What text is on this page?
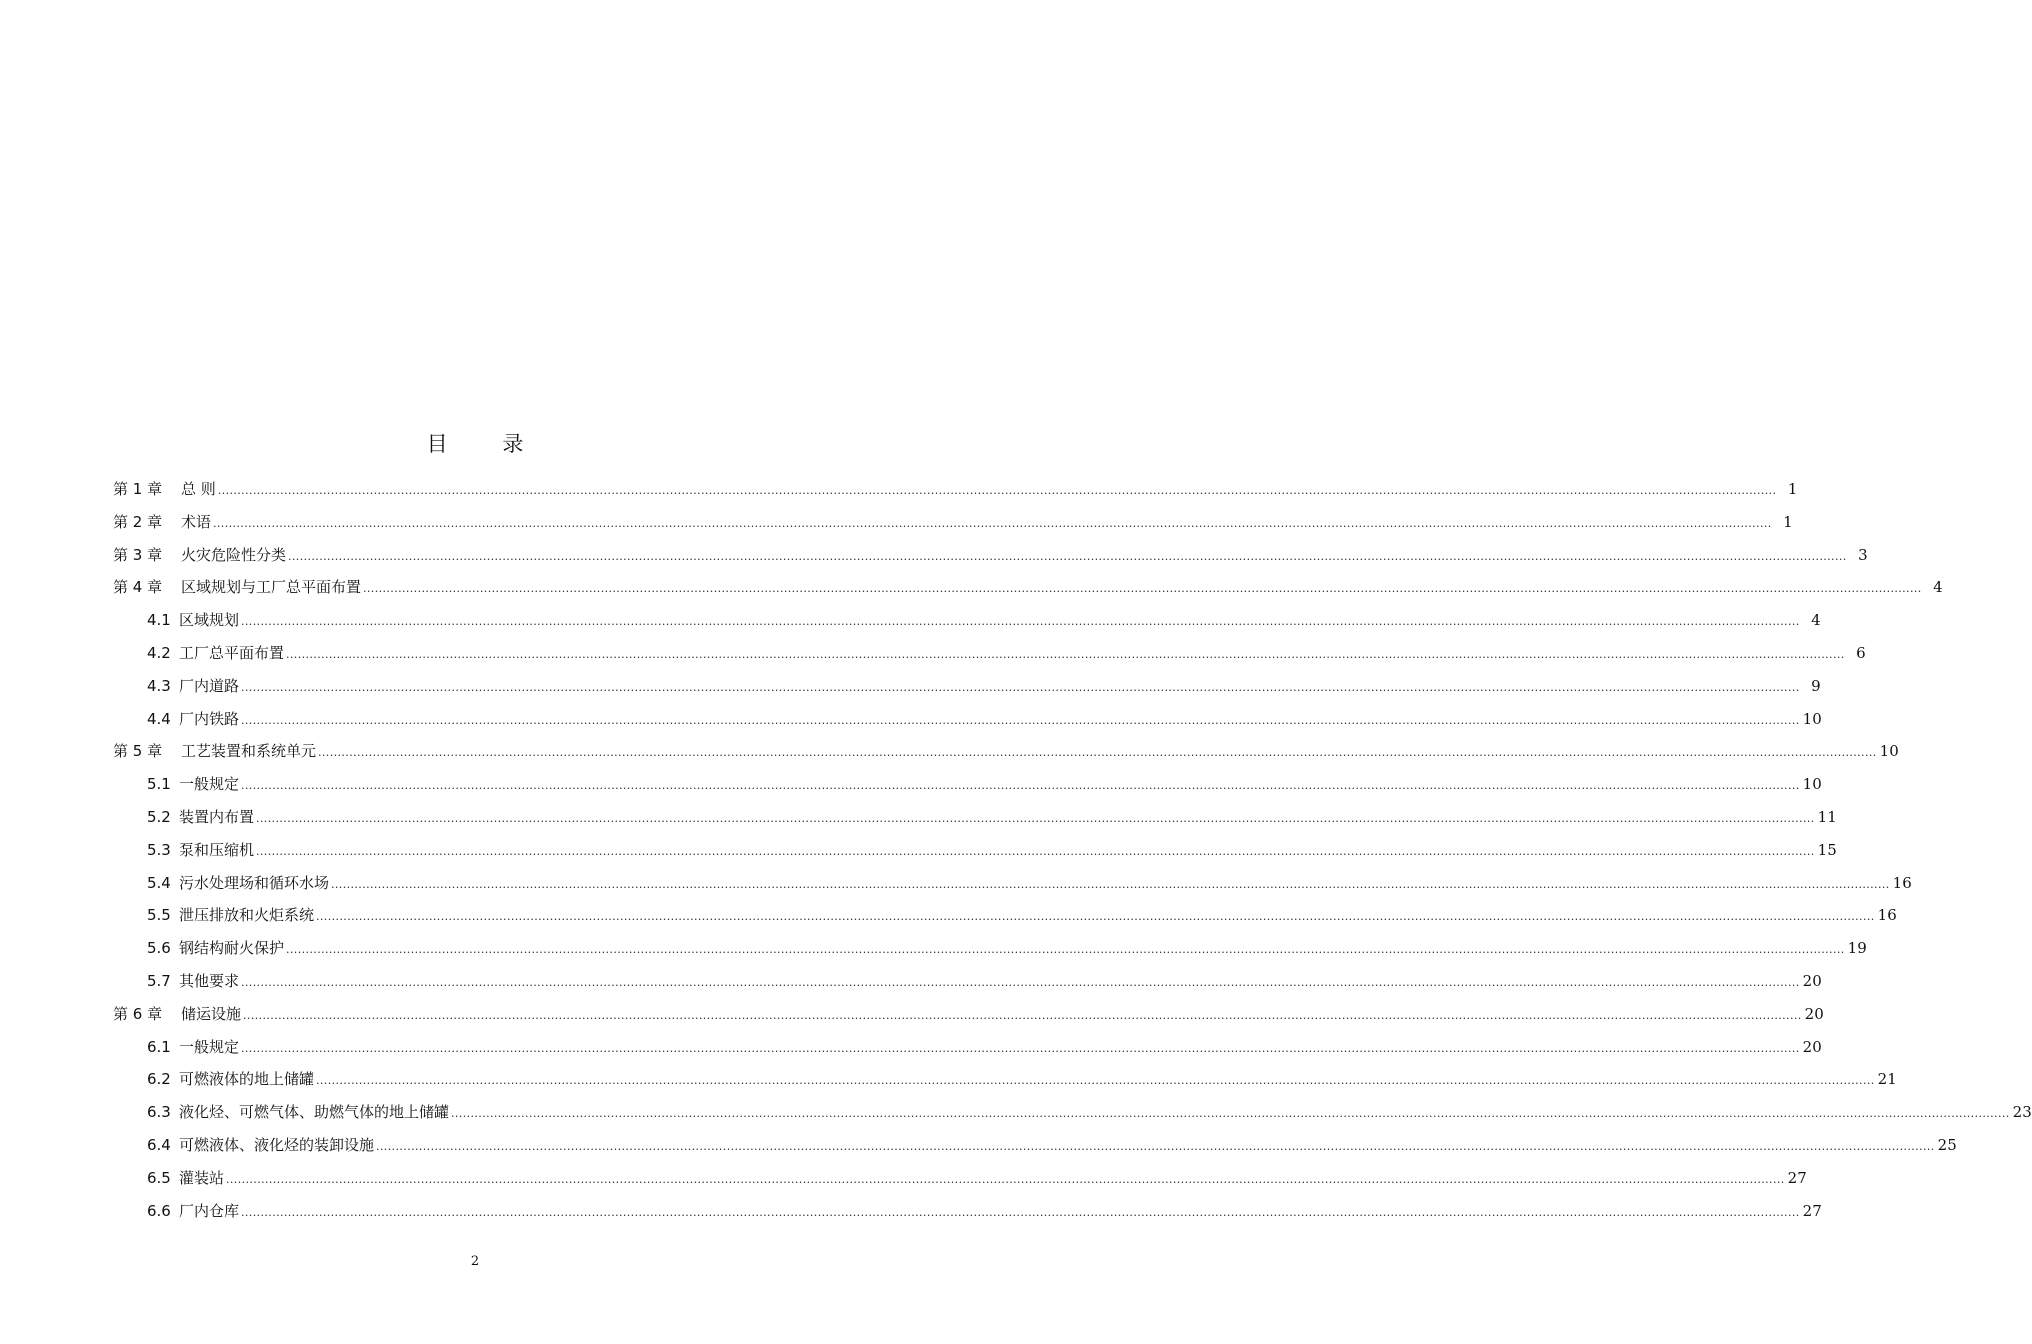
目 录
第 1 章	总 则 ................................................................................................................................................................................................................................................................................................................................................................................................................ 1
第 2 章	术语 ................................................................................................................................................................................................................................................................................................................................................................................................................ 1
第 3 章	火灾危险性分类 ................................................................................................................................................................................................................................................................................................................................................................................................................ 3
第 4 章	区域规划与工厂总平面布置 ................................................................................................................................................................................................................................................................................................................................................................................................................ 4
4.1 区域规划 ................................................................................................................................................................................................................................................................................................................................................................................................................ 4
4.2 工厂总平面布置 ................................................................................................................................................................................................................................................................................................................................................................................................................ 6
4.3 厂内道路 ................................................................................................................................................................................................................................................................................................................................................................................................................ 9
4.4 厂内铁路 ................................................................................................................................................................................................................................................................................................................................................................................................................ 10
第 5 章	工艺装置和系统单元 ................................................................................................................................................................................................................................................................................................................................................................................................................ 10
5.1 一般规定 ................................................................................................................................................................................................................................................................................................................................................................................................................ 10
5.2 装置内布置 ................................................................................................................................................................................................................................................................................................................................................................................................................ 11
5.3 泵和压缩机 ................................................................................................................................................................................................................................................................................................................................................................................................................ 15
5.4 污水处理场和循环水场 ................................................................................................................................................................................................................................................................................................................................................................................................................ 16
5.5 泄压排放和火炬系统 ................................................................................................................................................................................................................................................................................................................................................................................................................ 16
5.6 钢结构耐火保护 ................................................................................................................................................................................................................................................................................................................................................................................................................ 19
5.7 其他要求 ................................................................................................................................................................................................................................................................................................................................................................................................................ 20
第 6 章	储运设施 ................................................................................................................................................................................................................................................................................................................................................................................................................ 20
6.1 一般规定 ................................................................................................................................................................................................................................................................................................................................................................................................................ 20
6.2 可燃液体的地上储罐 ................................................................................................................................................................................................................................................................................................................................................................................................................ 21
6.3 液化烃、可燃气体、助燃气体的地上储罐 ................................................................................................................................................................................................................................................................................................................................................................................................................ 23
6.4 可燃液体、液化烃的装卸设施 ................................................................................................................................................................................................................................................................................................................................................................................................................ 25
6.5 灌装站 ................................................................................................................................................................................................................................................................................................................................................................................................................ 27
6.6 厂内仓库 ................................................................................................................................................................................................................................................................................................................................................................................................................ 27
2
